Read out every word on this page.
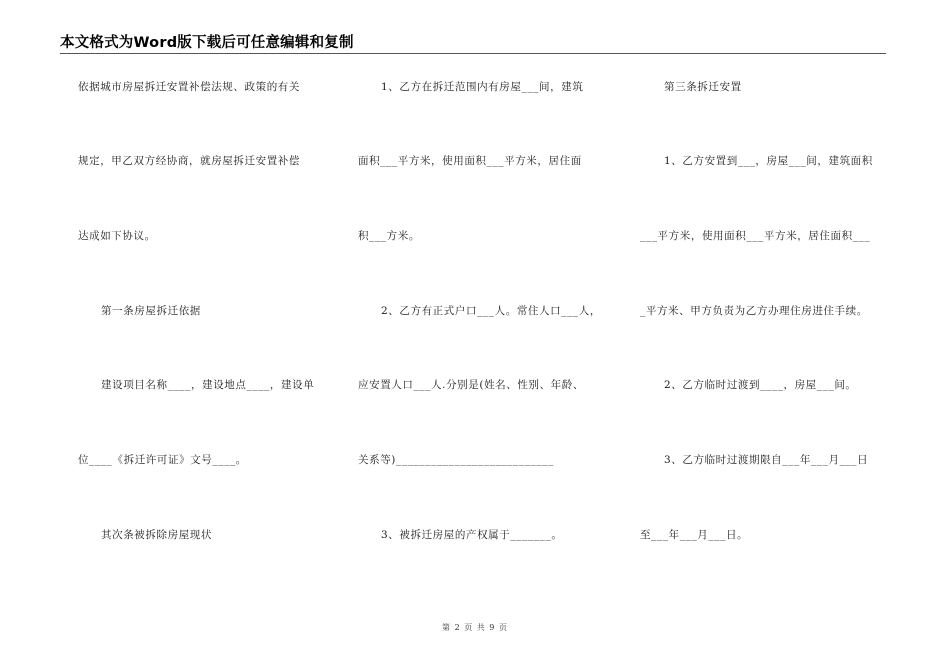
本文格式为Word版下载后可任意编辑和复制
依据城市房屋拆迁安置补偿法规、政策的有关
规定，甲乙双方经协商，就房屋拆迁安置补偿
达成如下协议。
第一条房屋拆迁依据
建设项目名称____，建设地点____，建设单
位____《拆迁许可证》文号____。
其次条被拆除房屋现状
1、乙方在拆迁范围内有房屋___间，建筑
面积___平方米，使用面积___平方米，居住面
积___方米。
2、乙方有正式户口___人。常住人口___人，
应安置人口___人.分别是(姓名、性别、年龄、
关系等)___________________________
3、被拆迁房屋的产权属于_______。
第三条拆迁安置
1、乙方安置到___，房屋___间，建筑面积
___平方米，使用面积___平方米，居住面积___
_平方米、甲方负责为乙方办理住房进住手续。
2、乙方临时过渡到____，房屋___间。
3、乙方临时过渡期限自___年___月___日
至___年___月___日。
第 2 页 共 9 页
